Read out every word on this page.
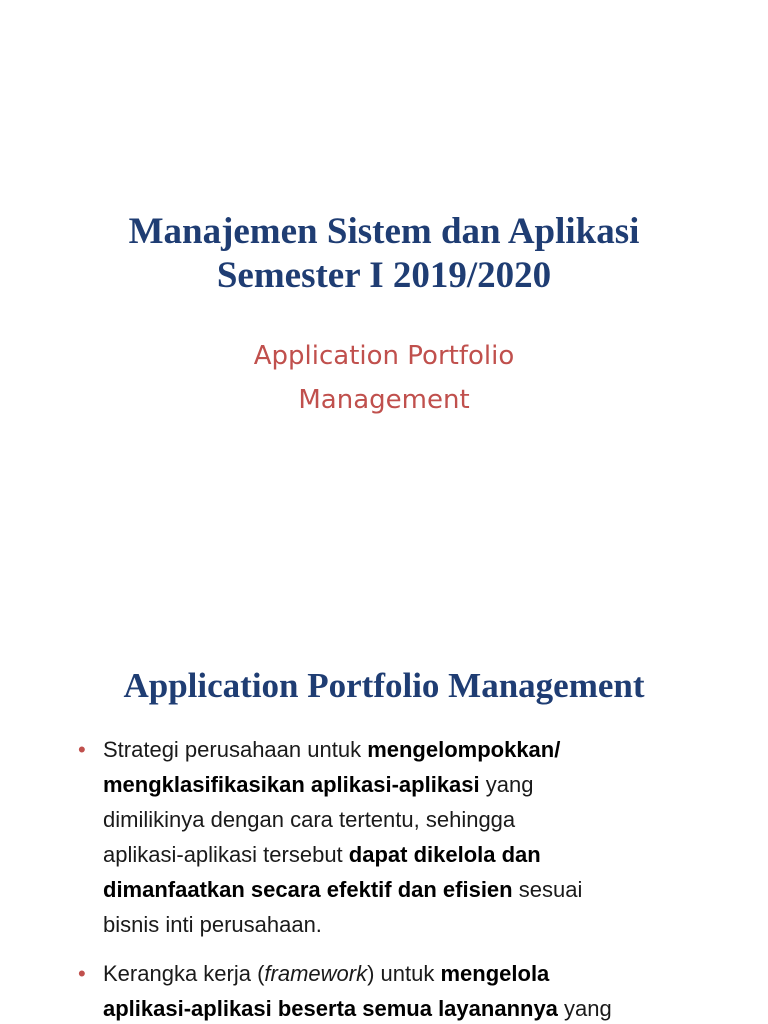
Manajemen Sistem dan Aplikasi
Semester I 2019/2020
Application Portfolio
Management
Application Portfolio Management
• Strategi perusahaan untuk mengelompokkan/
mengklasifikasikan aplikasi-aplikasi yang
dimilikinya dengan cara tertentu, sehingga
aplikasi-aplikasi tersebut dapat dikelola dan
dimanfaatkan secara efektif dan efisien sesuai
bisnis inti perusahaan.
• Kerangka kerja (framework) untuk mengelola
aplikasi-aplikasi beserta semua layanannya yang
